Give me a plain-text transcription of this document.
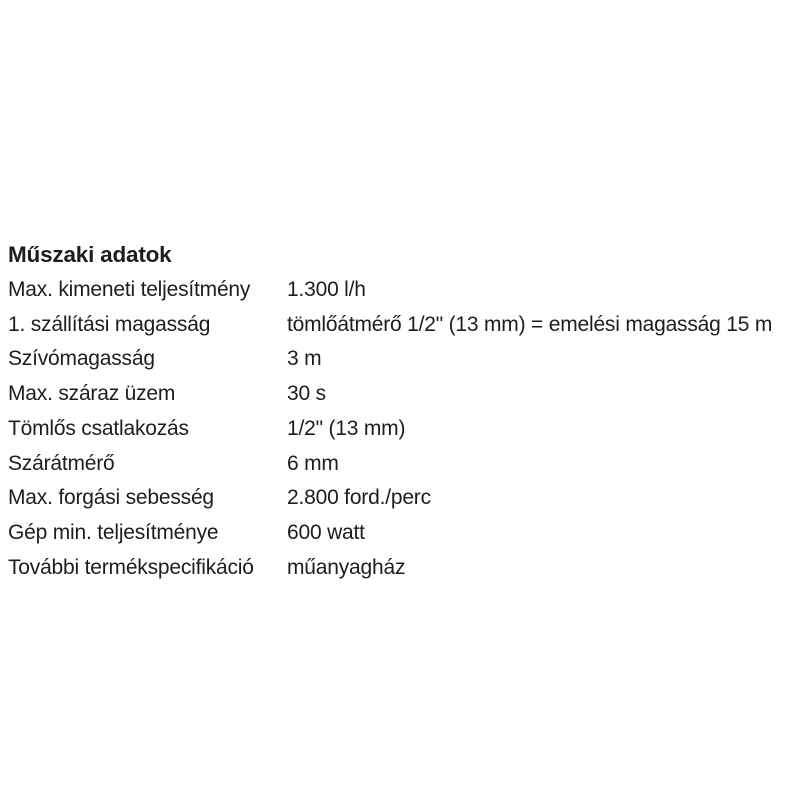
Műszaki adatok
Max. kimeneti teljesítmény	1.300 l/h
1. szállítási magasság	tömlőátmérő 1/2" (13 mm) = emelési magasság 15 m
Szívómagasság	3 m
Max. száraz üzem	30 s
Tömlős csatlakozás	1/2" (13 mm)
Szárátmérő	6 mm
Max. forgási sebesség	2.800 ford./perc
Gép min. teljesítménye	600 watt
További termékspecifikáció	műanyagház
